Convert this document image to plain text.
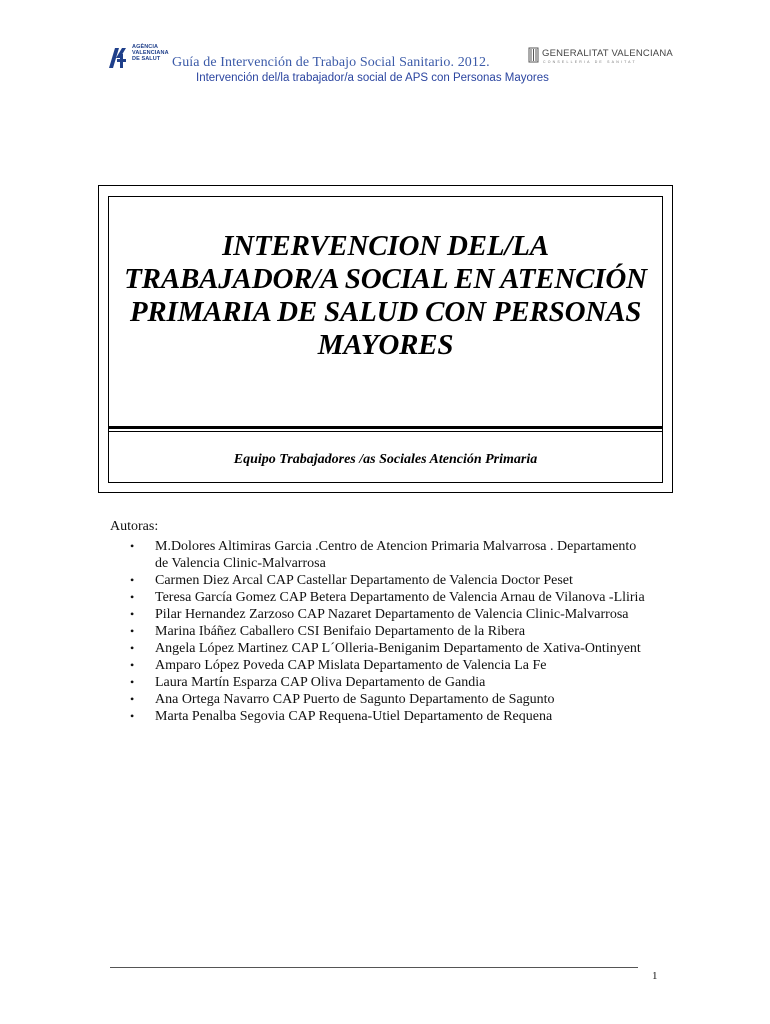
AGÈNCIA
VALENCIANA
DE SALUT Guía de Intervención de Trabajo Social Sanitario. 2012.
GENERALITAT VALENCIANA
CONSELLERIA DE SANITAT
Intervención del/la trabajador/a social de APS con Personas Mayores
INTERVENCION DEL/LA
TRABAJADOR/A SOCIAL EN ATENCIÓN
PRIMARIA DE SALUD CON PERSONAS
MAYORES
Equipo Trabajadores /as Sociales Atención Primaria
Autoras:
•	M.Dolores Altimiras Garcia .Centro de Atencion Primaria Malvarrosa . Departamento de Valencia Clinic-Malvarrosa
•	Carmen Diez Arcal CAP Castellar Departamento de Valencia Doctor Peset
•	Teresa García Gomez CAP Betera Departamento de Valencia Arnau de Vilanova -Lliria
•	Pilar Hernandez Zarzoso CAP Nazaret Departamento de Valencia Clinic-Malvarrosa
•	Marina Ibáñez Caballero CSI Benifaio Departamento de la Ribera
•	Angela López Martinez CAP L´Olleria-Beniganim Departamento de Xativa-Ontinyent
•	Amparo López Poveda CAP Mislata Departamento de Valencia La Fe
•	Laura Martín Esparza CAP Oliva Departamento de Gandia
•	Ana Ortega Navarro CAP Puerto de Sagunto Departamento de Sagunto
•	Marta Penalba Segovia CAP Requena-Utiel Departamento de Requena
1
